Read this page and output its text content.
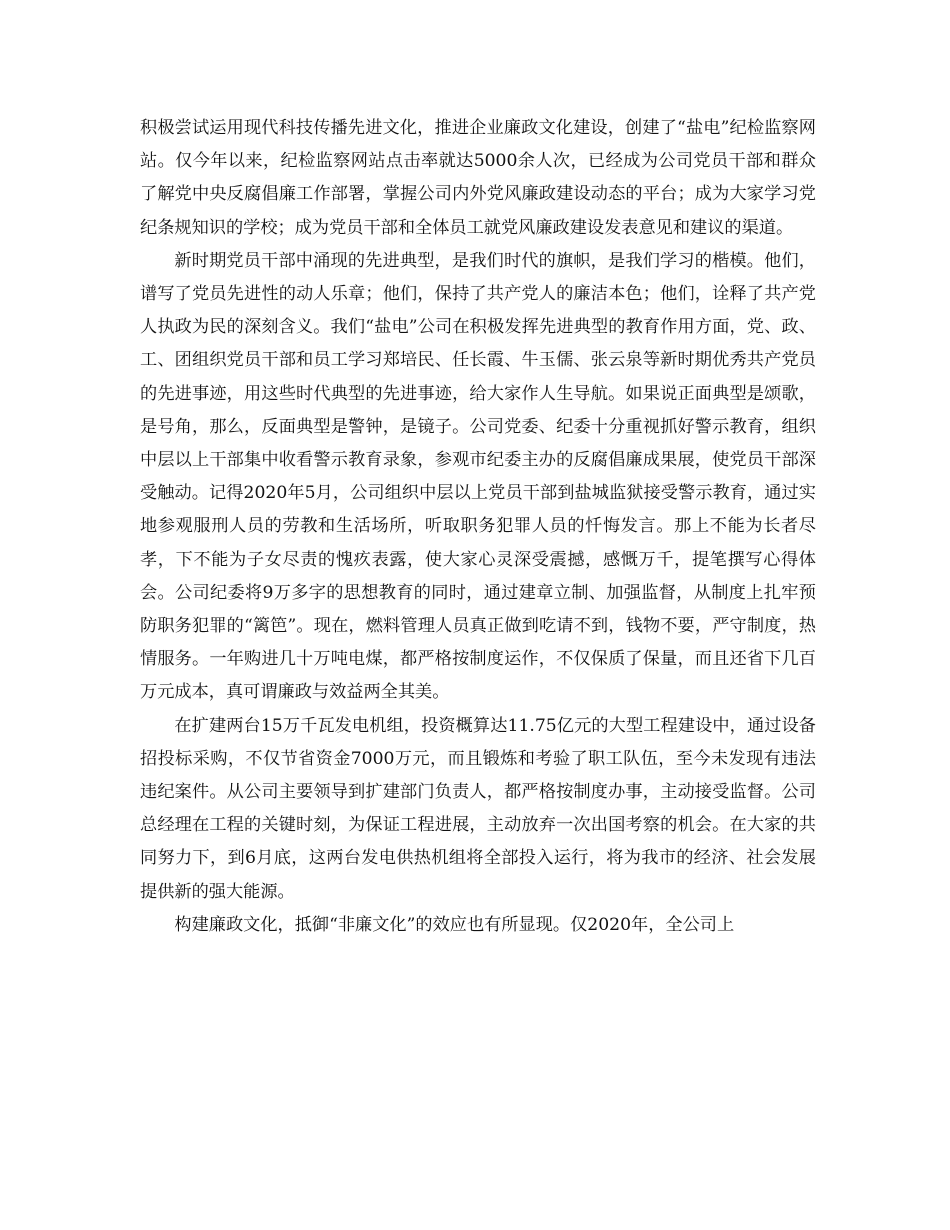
积极尝试运用现代科技传播先进文化，推进企业廉政文化建设，创建了“盐电”纪检监察网站。仅今年以来，纪检监察网站点击率就达5000余人次，已经成为公司党员干部和群众了解党中央反腐倡廉工作部署，掌握公司内外党风廉政建设动态的平台；成为大家学习党纪条规知识的学校；成为党员干部和全体员工就党风廉政建设发表意见和建议的渠道。

新时期党员干部中涌现的先进典型，是我们时代的旗帜，是我们学习的楷模。他们，谱写了党员先进性的动人乐章；他们，保持了共产党人的廉洁本色；他们，诠释了共产党人执政为民的深刻含义。我们“盐电”公司在积极发挥先进典型的教育作用方面，党、政、工、团组织党员干部和员工学习郑培民、任长霞、牛玉儒、张云泉等新时期优秀共产党员的先进事迹，用这些时代典型的先进事迹，给大家作人生导航。如果说正面典型是颂歌，是号角，那么，反面典型是警钟，是镜子。公司党委、纪委十分重视抓好警示教育，组织中层以上干部集中收看警示教育录象，参观市纪委主办的反腐倡廉成果展，使党员干部深受触动。记得2020年5月，公司组织中层以上党员干部到盐城监狱接受警示教育，通过实地参观服刑人员的劳教和生活场所，听取职务犯罪人员的忏悔发言。那上不能为长者尽孝，下不能为子女尽责的愧疚表露，使大家心灵深受震撼，感慨万千，提笔撰写心得体会。公司纪委将9万多字的思想教育的同时，通过建章立制、加强监督，从制度上扎牢预防职务犯罪的“篱笆”。现在，燃料管理人员真正做到吃请不到，钱物不要，严守制度，热情服务。一年购进几十万吨电煤，都严格按制度运作，不仅保质了保量，而且还省下几百万元成本，真可谓廉政与效益两全其美。

在扩建两台15万千瓦发电机组，投资概算达11.75亿元的大型工程建设中，通过设备招投标采购，不仅节省资金7000万元，而且锻炼和考验了职工队伍，至今未发现有违法违纪案件。从公司主要领导到扩建部门负责人，都严格按制度办事，主动接受监督。公司总经理在工程的关键时刻，为保证工程进展，主动放弃一次出国考察的机会。在大家的共同努力下，到6月底，这两台发电供热机组将全部投入运行，将为我市的经济、社会发展提供新的强大能源。

构建廉政文化，抵御“非廉文化”的效应也有所显现。仅2020年，全公司上
